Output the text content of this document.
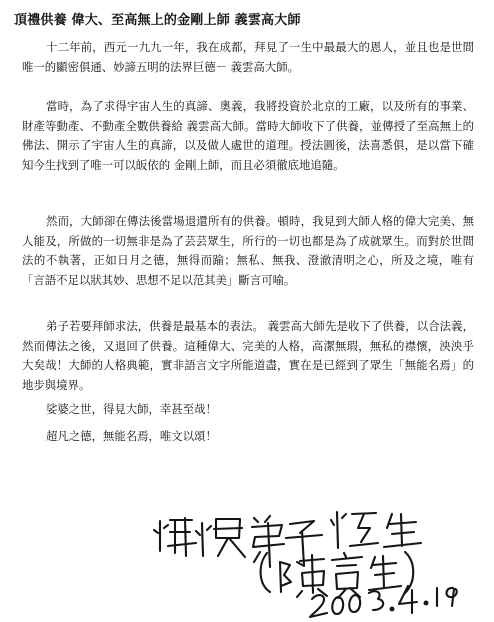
頂禮供養 偉大、至高無上的金剛上師 義雲高大師

十二年前，西元一九九一年，我在成都，拜見了一生中最最大的恩人，並且也是世間唯一的顯密俱通、妙諦五明的法界巨德－ 義雲高大師。

當時，為了求得宇宙人生的真諦、奧義，我將投資於北京的工廠，以及所有的事業、財產等動產、不動產全數供養給 義雲高大師。當時大師收下了供養，並傳授了至高無上的佛法、開示了宇宙人生的真諦，以及做人處世的道理。授法圓後，法喜悉俱，是以當下確知今生找到了唯一可以皈依的 金剛上師，而且必須徹底地追隨。

然而，大師卻在傳法後當場退還所有的供養。頓時，我見到大師人格的偉大完美、無人能及，所做的一切無非是為了芸芸眾生，所行的一切也都是為了成就眾生。而對於世間法的不執著，正如日月之德，無得而踰；無私、無我、澄澈清明之心，所及之境，唯有「言語不足以狀其妙、思想不足以范其美」斷言可喻。

弟子若要拜師求法，供養是最基本的表法。 義雲高大師先是收下了供養，以合法義，然而傳法之後，又退回了供養。這種偉大、完美的人格，高潔無瑕，無私的襟懷，泱泱乎大矣哉！大師的人格典範，實非語言文字所能道盡，實在是已經到了眾生「無能名焉」的地步與境界。

娑婆之世，得見大師，幸甚至哉！

超凡之德，無能名焉，唯文以頌！
